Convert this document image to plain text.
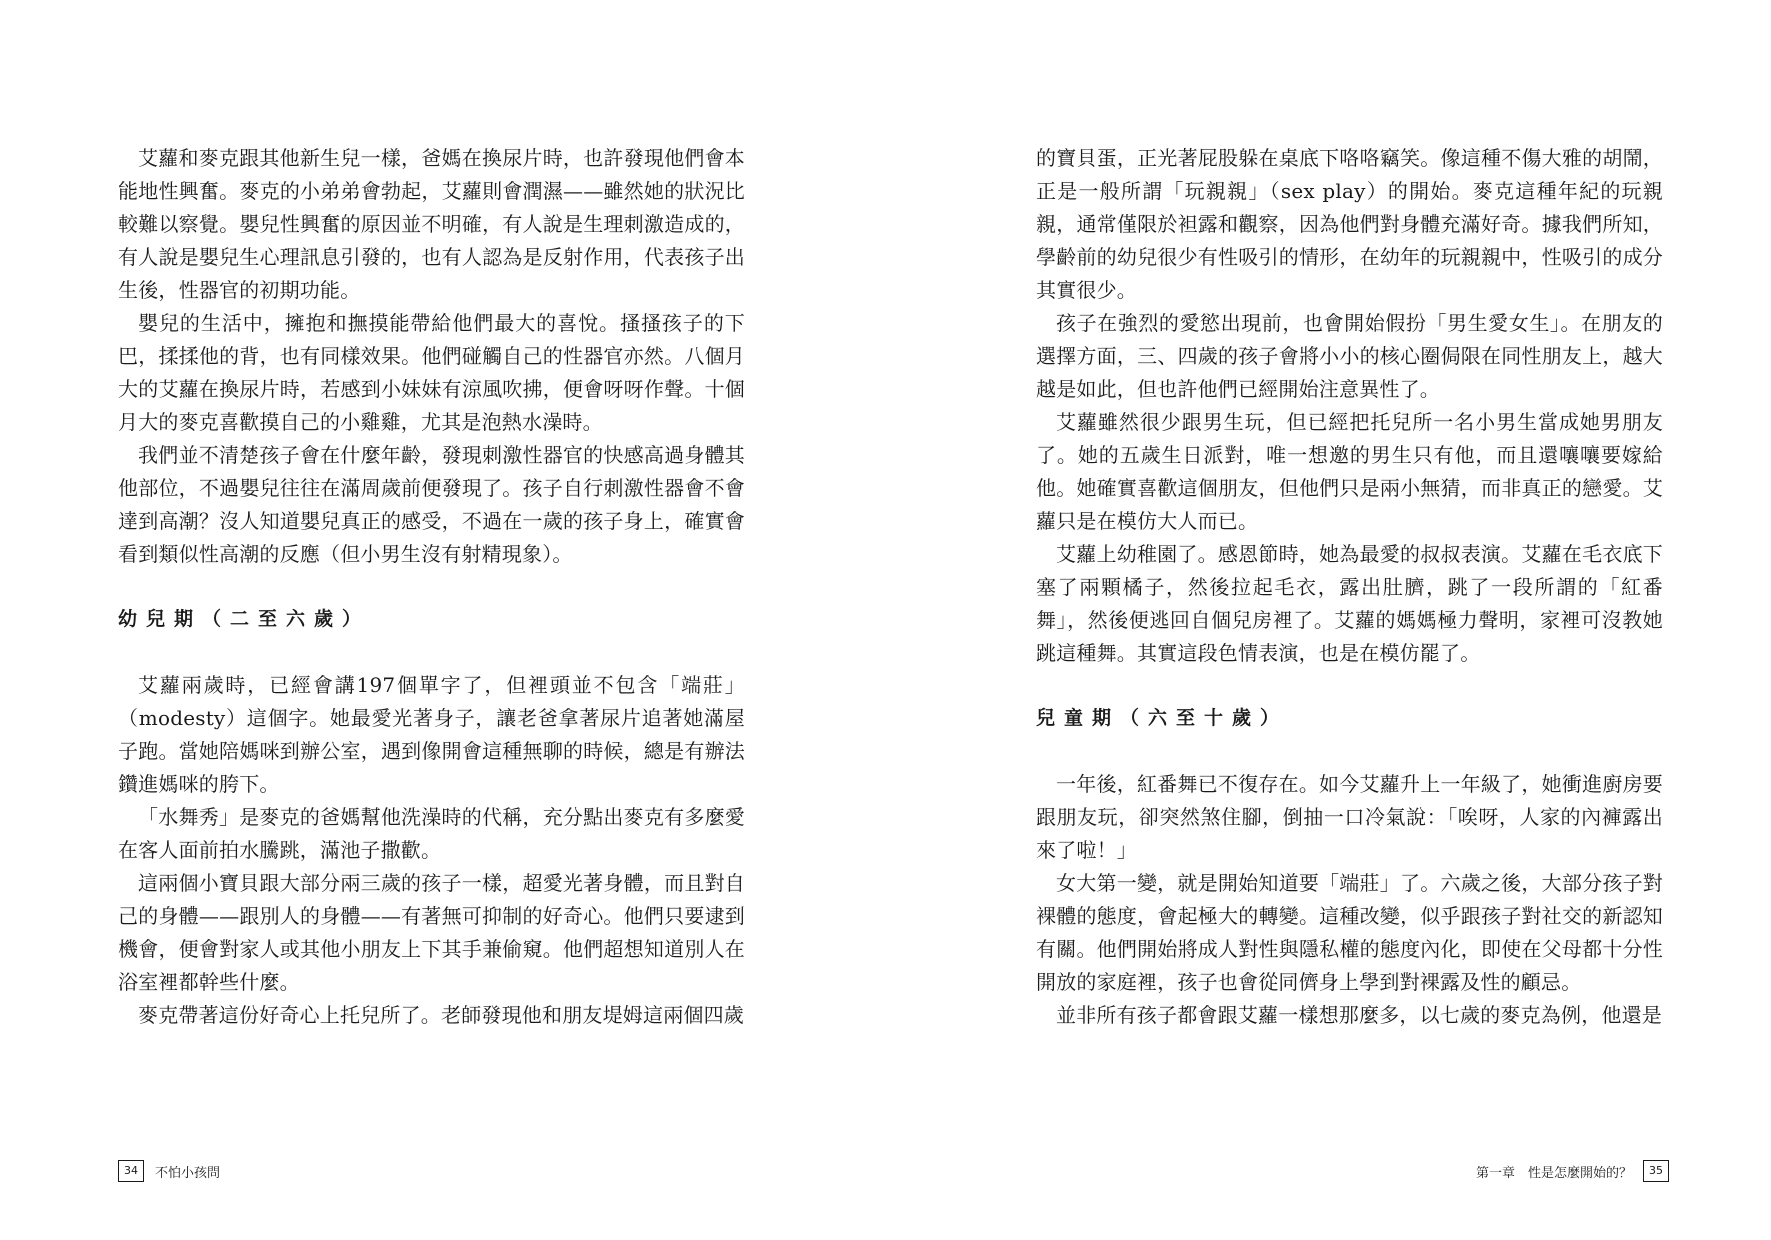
艾蘿和麥克跟其他新生兒一樣，爸媽在換尿片時，也許發現他們會本能地性興奮。麥克的小弟弟會勃起，艾蘿則會潤濕——雖然她的狀況比較難以察覺。嬰兒性興奮的原因並不明確，有人說是生理刺激造成的，有人說是嬰兒生心理訊息引發的，也有人認為是反射作用，代表孩子出生後，性器官的初期功能。

嬰兒的生活中，擁抱和撫摸能帶給他們最大的喜悅。搔搔孩子的下巴，揉揉他的背，也有同樣效果。他們碰觸自己的性器官亦然。八個月大的艾蘿在換尿片時，若感到小妹妹有涼風吹拂，便會呀呀作聲。十個月大的麥克喜歡摸自己的小雞雞，尤其是泡熱水澡時。

我們並不清楚孩子會在什麼年齡，發現刺激性器官的快感高過身體其他部位，不過嬰兒往往在滿周歲前便發現了。孩子自行刺激性器會不會達到高潮？沒人知道嬰兒真正的感受，不過在一歲的孩子身上，確實會看到類似性高潮的反應（但小男生沒有射精現象）。

幼兒期（二至六歲）

艾蘿兩歲時，已經會講197個單字了，但裡頭並不包含「端莊」（modesty）這個字。她最愛光著身子，讓老爸拿著尿片追著她滿屋子跑。當她陪媽咪到辦公室，遇到像開會這種無聊的時候，總是有辦法鑽進媽咪的胯下。

「水舞秀」是麥克的爸媽幫他洗澡時的代稱，充分點出麥克有多麼愛在客人面前拍水騰跳，滿池子撒歡。

這兩個小寶貝跟大部分兩三歲的孩子一樣，超愛光著身體，而且對自己的身體——跟別人的身體——有著無可抑制的好奇心。他們只要逮到機會，便會對家人或其他小朋友上下其手兼偷窺。他們超想知道別人在浴室裡都幹些什麼。

麥克帶著這份好奇心上托兒所了。老師發現他和朋友堤姆這兩個四歲

34	不怕小孩問

的寶貝蛋，正光著屁股躲在桌底下咯咯竊笑。像這種不傷大雅的胡鬧，正是一般所謂「玩親親」（sex play）的開始。麥克這種年紀的玩親親，通常僅限於袒露和觀察，因為他們對身體充滿好奇。據我們所知，學齡前的幼兒很少有性吸引的情形，在幼年的玩親親中，性吸引的成分其實很少。

孩子在強烈的愛慾出現前，也會開始假扮「男生愛女生」。在朋友的選擇方面，三、四歲的孩子會將小小的核心圈侷限在同性朋友上，越大越是如此，但也許他們已經開始注意異性了。

艾蘿雖然很少跟男生玩，但已經把托兒所一名小男生當成她男朋友了。她的五歲生日派對，唯一想邀的男生只有他，而且還嚷嚷要嫁給他。她確實喜歡這個朋友，但他們只是兩小無猜，而非真正的戀愛。艾蘿只是在模仿大人而已。

艾蘿上幼稚園了。感恩節時，她為最愛的叔叔表演。艾蘿在毛衣底下塞了兩顆橘子，然後拉起毛衣，露出肚臍，跳了一段所謂的「紅番舞」，然後便逃回自個兒房裡了。艾蘿的媽媽極力聲明，家裡可沒教她跳這種舞。其實這段色情表演，也是在模仿罷了。

兒童期（六至十歲）

一年後，紅番舞已不復存在。如今艾蘿升上一年級了，她衝進廚房要跟朋友玩，卻突然煞住腳，倒抽一口冷氣說：「唉呀，人家的內褲露出來了啦！」

女大第一變，就是開始知道要「端莊」了。六歲之後，大部分孩子對裸體的態度，會起極大的轉變。這種改變，似乎跟孩子對社交的新認知有關。他們開始將成人對性與隱私權的態度內化，即使在父母都十分性開放的家庭裡，孩子也會從同儕身上學到對裸露及性的顧忌。

並非所有孩子都會跟艾蘿一樣想那麼多，以七歲的麥克為例，他還是

第一章　性是怎麼開始的？	35
